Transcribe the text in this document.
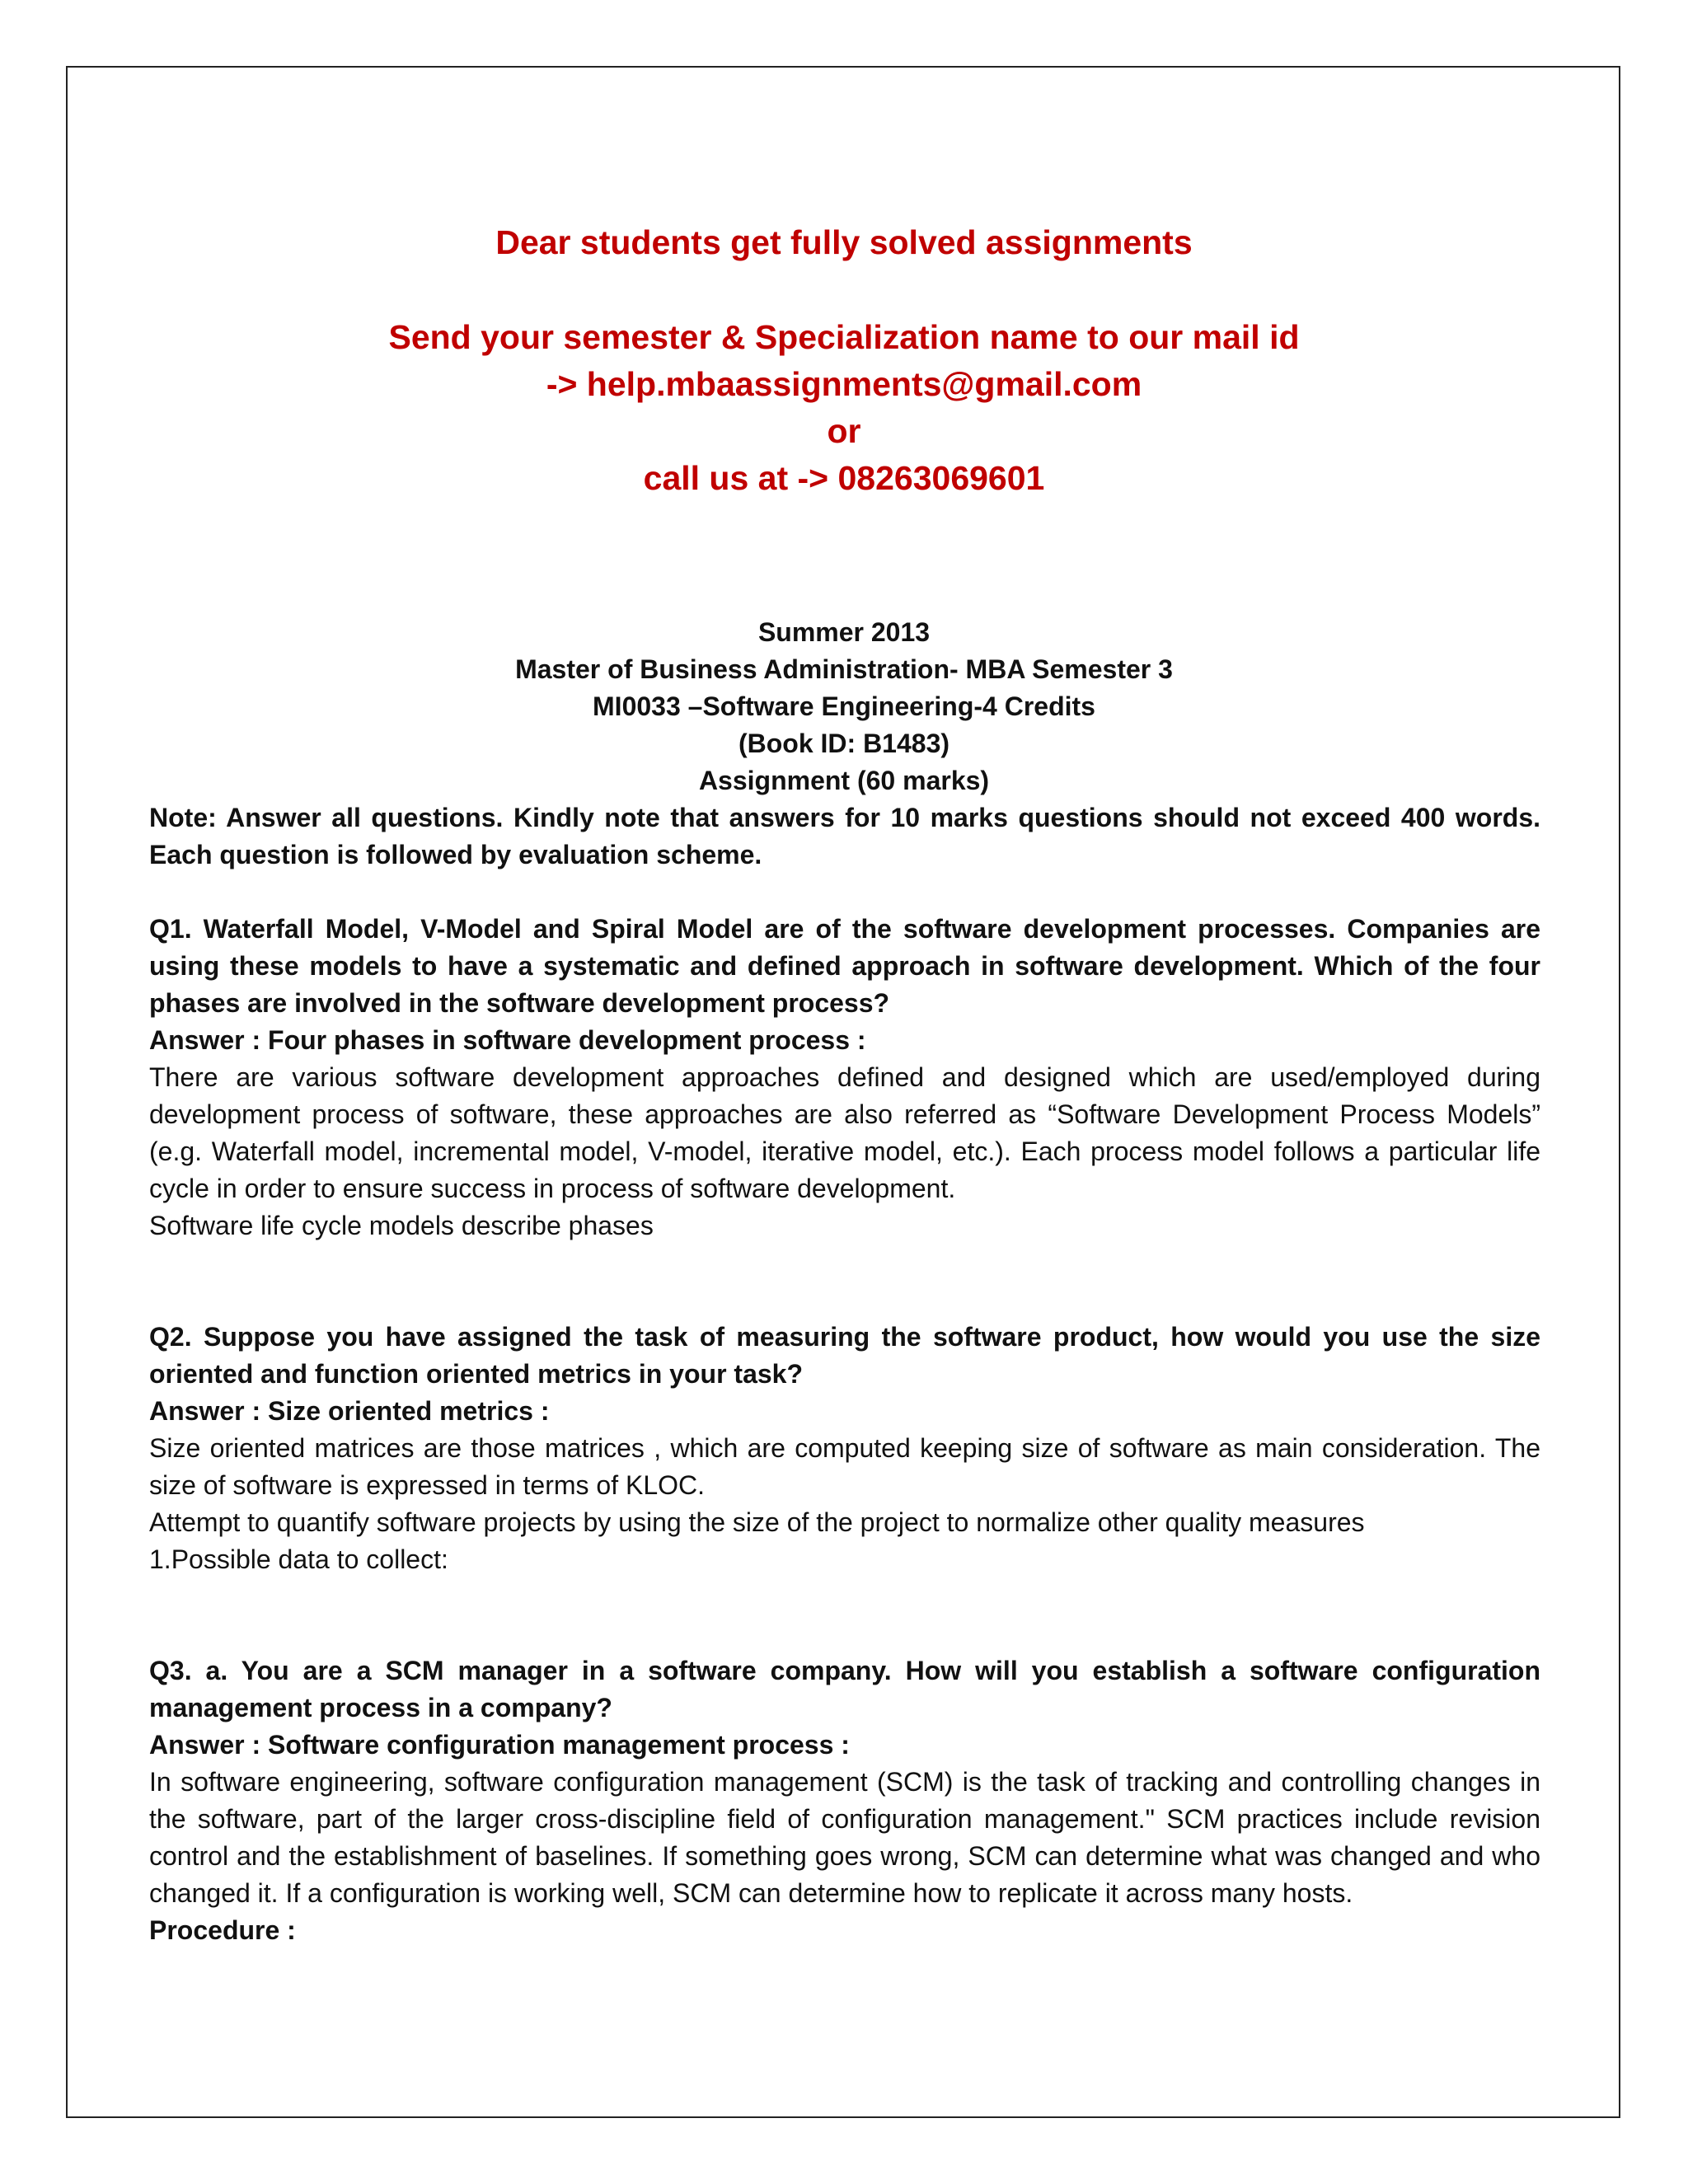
Dear students get fully solved assignments
Send your semester & Specialization name to our mail id
-> help.mbaassignments@gmail.com
or
call us at -> 08263069601
Summer 2013
Master of Business Administration- MBA Semester 3
MI0033 –Software Engineering-4 Credits
(Book ID: B1483)
Assignment (60 marks)
Note: Answer all questions. Kindly note that answers for 10 marks questions should not exceed 400 words. Each question is followed by evaluation scheme.
Q1. Waterfall Model, V-Model and Spiral Model are of the software development processes. Companies are using these models to have a systematic and defined approach in software development. Which of the four phases are involved in the software development process?
Answer : Four phases in software development process :
There are various software development approaches defined and designed which are used/employed during development process of software, these approaches are also referred as “Software Development Process Models” (e.g. Waterfall model, incremental model, V-model, iterative model, etc.). Each process model follows a particular life cycle in order to ensure success in process of software development.
Software life cycle models describe phases
Q2. Suppose you have assigned the task of measuring the software product, how would you use the size oriented and function oriented metrics in your task?
Answer : Size oriented metrics :
Size oriented matrices are those matrices , which are computed keeping size of software as main consideration. The size of software is expressed in terms of KLOC.
Attempt to quantify software projects by using the size of the project to normalize other quality measures
1.Possible data to collect:
Q3. a. You are a SCM manager in a software company. How will you establish a software configuration management process in a company?
Answer : Software configuration management process :
In software engineering, software configuration management (SCM) is the task of tracking and controlling changes in the software, part of the larger cross-discipline field of configuration management." SCM practices include revision control and the establishment of baselines. If something goes wrong, SCM can determine what was changed and who changed it. If a configuration is working well, SCM can determine how to replicate it across many hosts.
Procedure :
